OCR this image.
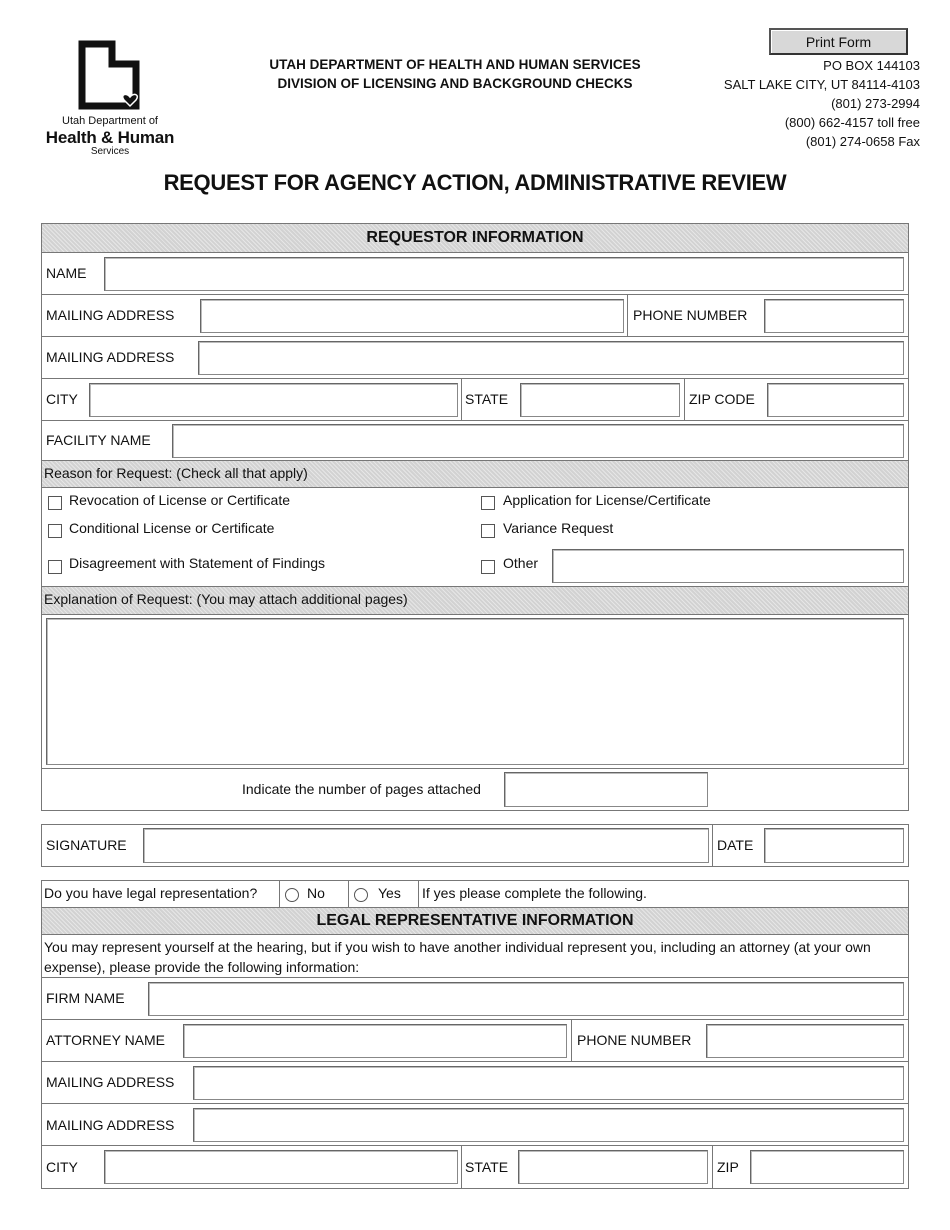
Utah Department of
Health & Human
Services
UTAH DEPARTMENT OF HEALTH AND HUMAN SERVICES
DIVISION OF LICENSING AND BACKGROUND CHECKS
Print Form
PO BOX 144103
SALT LAKE CITY, UT 84114-4103
(801) 273-2994
(800) 662-4157 toll free
(801) 274-0658 Fax
REQUEST FOR AGENCY ACTION, ADMINISTRATIVE REVIEW
REQUESTOR INFORMATION
NAME
MAILING ADDRESS	PHONE NUMBER
MAILING ADDRESS
CITY	STATE	ZIP CODE
FACILITY NAME
Reason for Request: (Check all that apply)
Revocation of License or Certificate	Application for License/Certificate
Conditional License or Certificate	Variance Request
Disagreement with Statement of Findings	Other
Explanation of Request: (You may attach additional pages)
Indicate the number of pages attached
SIGNATURE	DATE
Do you have legal representation?	No	Yes If yes please complete the following.
LEGAL REPRESENTATIVE INFORMATION
You may represent yourself at the hearing, but if you wish to have another individual represent you, including an attorney (at your own expense), please provide the following information:
FIRM NAME
ATTORNEY NAME	PHONE NUMBER
MAILING ADDRESS
MAILING ADDRESS
CITY	STATE	ZIP
